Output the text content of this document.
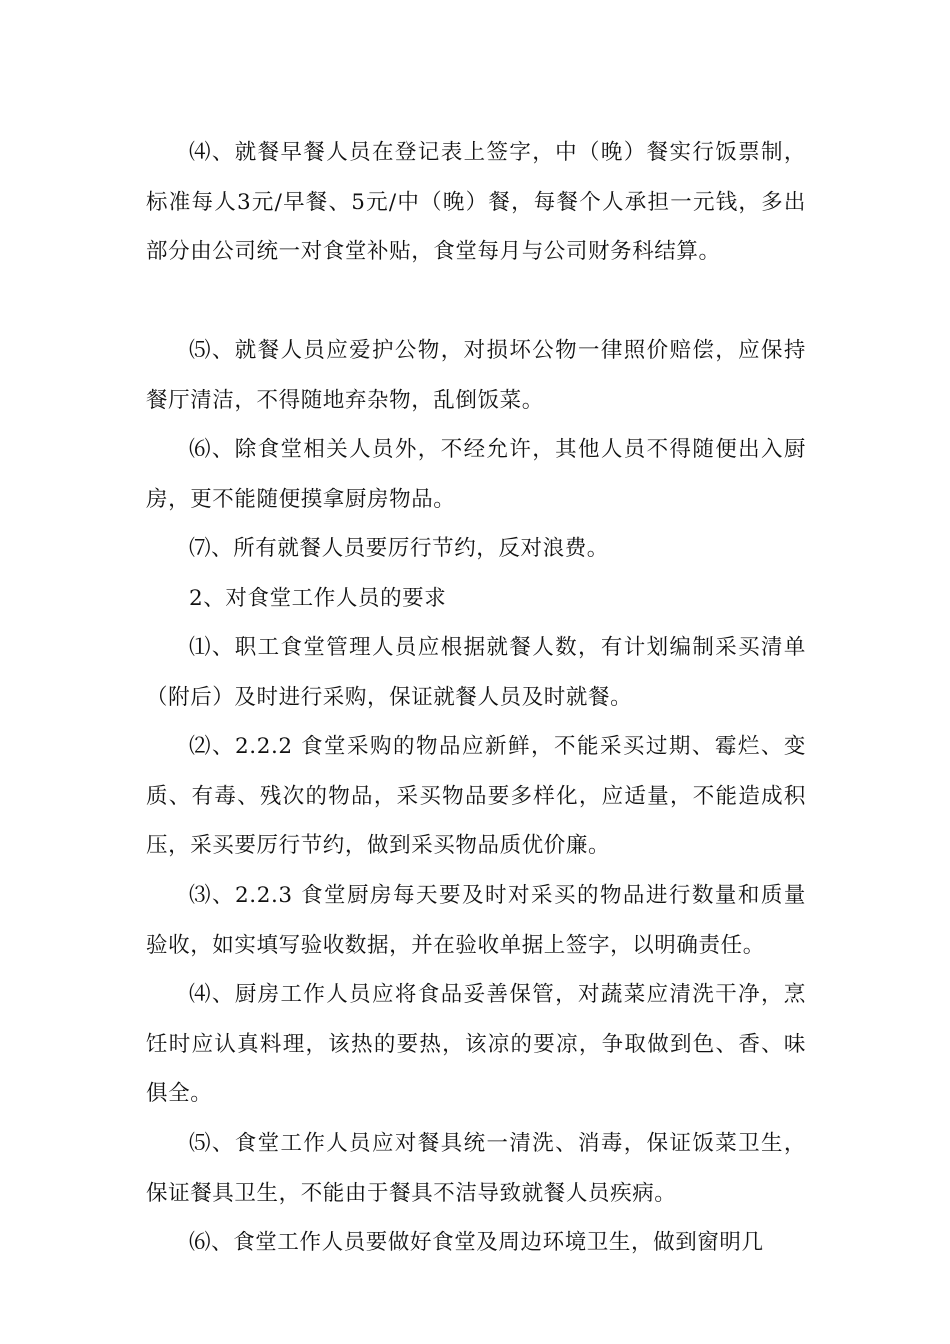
⑷、就餐早餐人员在登记表上签字，中（晚）餐实行饭票制，标准每人3元/早餐、5元/中（晚）餐，每餐个人承担一元钱，多出部分由公司统一对食堂补贴，食堂每月与公司财务科结算。

⑸、就餐人员应爱护公物，对损坏公物一律照价赔偿，应保持餐厅清洁，不得随地弃杂物，乱倒饭菜。

⑹、除食堂相关人员外，不经允许，其他人员不得随便出入厨房，更不能随便摸拿厨房物品。

⑺、所有就餐人员要厉行节约，反对浪费。

2、对食堂工作人员的要求

⑴、职工食堂管理人员应根据就餐人数，有计划编制采买清单（附后）及时进行采购，保证就餐人员及时就餐。

⑵、2.2.2 食堂采购的物品应新鲜，不能采买过期、霉烂、变质、有毒、残次的物品，采买物品要多样化，应适量，不能造成积压，采买要厉行节约，做到采买物品质优价廉。

⑶、2.2.3 食堂厨房每天要及时对采买的物品进行数量和质量验收，如实填写验收数据，并在验收单据上签字，以明确责任。

⑷、厨房工作人员应将食品妥善保管，对蔬菜应清洗干净，烹饪时应认真料理，该热的要热，该凉的要凉，争取做到色、香、味俱全。

⑸、食堂工作人员应对餐具统一清洗、消毒，保证饭菜卫生，保证餐具卫生，不能由于餐具不洁导致就餐人员疾病。

⑹、食堂工作人员要做好食堂及周边环境卫生，做到窗明几
